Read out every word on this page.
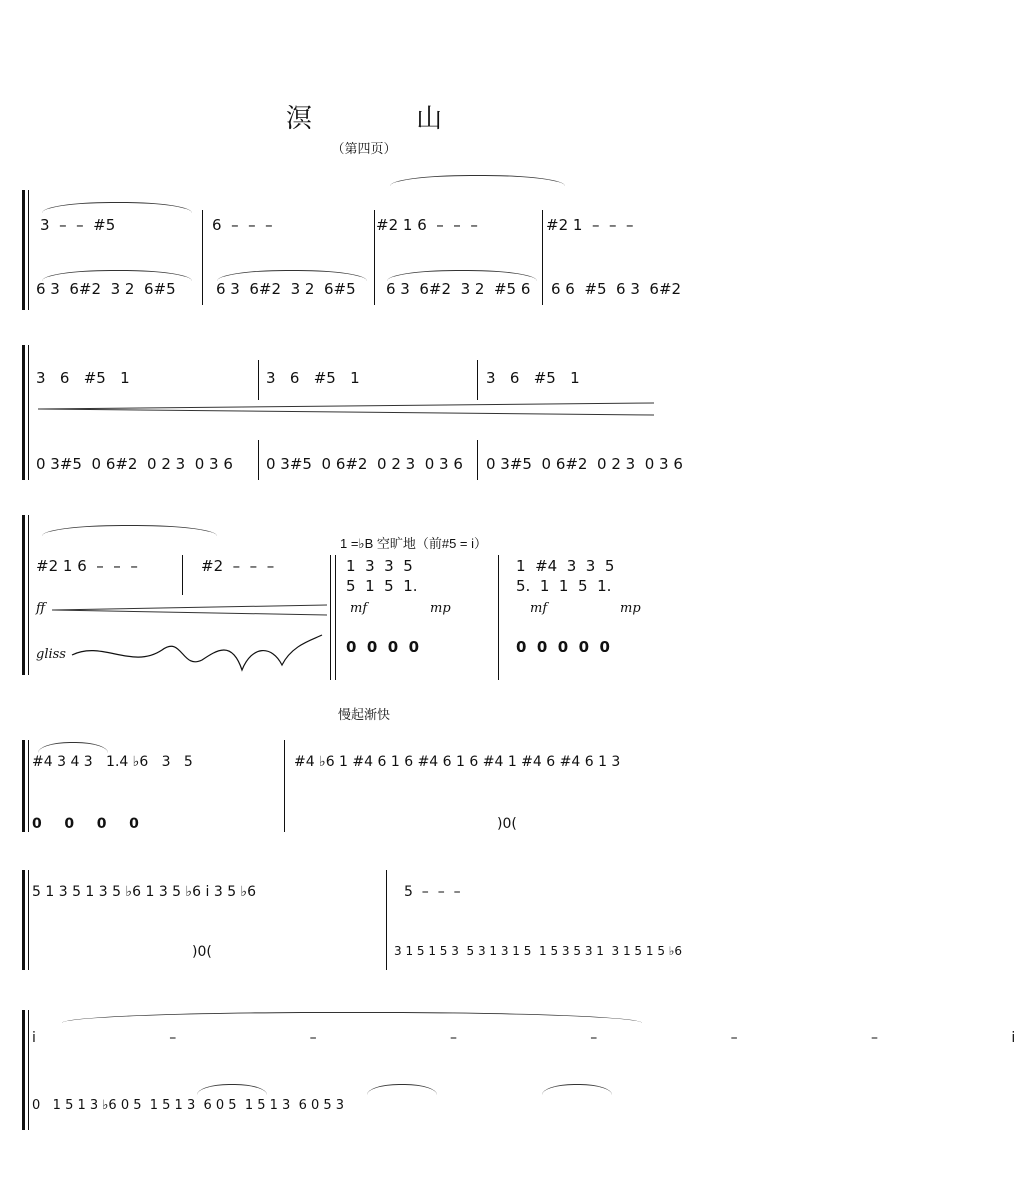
溟 山
（第四页）
3  –  –  #5	6  –  –  –	#2 1 6  –  –  –	#2 1  –  –  –
6 3  6#2  3 2  6#5	6 3  6#2  3 2  6#5 6 3  6#2  3 2  #5 6 6 6  #5  6 3  6#2
3   6   #5   1	3   6   #5   1	3   6   #5   1
0 3#5  0 6#2  0 2 3  0 3 6 0 3#5  0 6#2  0 2 3  0 3 6 0 3#5  0 6#2  0 2 3  0 3 6
1 =♭B 空旷地（前#5 = i）
#2 1 6  –  –  –	#2  –  –  –	1  3  3  5	1  #4  3  3  5
5  1  5  1.	5.  1  1  5  1.
ff	mf	mp	mf	mp
gliss	0  0  0  0	0  0  0  0  0
慢起渐快
#4 3 4 3   1.4 ♭6   3   5	#4 ♭6 1 #4 6 1 6 #4 6 1 6 #4 1 #4 6 #4 6 1 3
0   0   0   0	)0(
5 1 3 5 1 3 5 ♭6 1 3 5 ♭6 i 3 5 ♭6	5  –  –  –
)0(	3 1 5 1 5 3  5 3 1 3 1 5  1 5 3 5 3 1  3 1 5 1 5 ♭6
i   –   –   –   –   –   –   i
0   1 5 1 3 ♭6 0 5  1 5 1 3  6 0 5  1 5 1 3  6 0 5 3
